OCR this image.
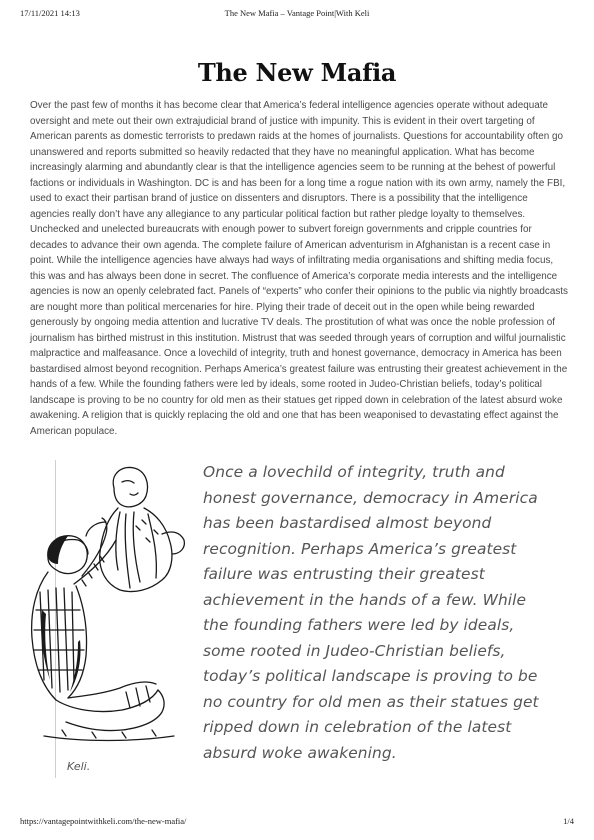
17/11/2021 14:13	The New Mafia – Vantage Point|With Keli
The New Mafia

Over the past few of months it has become clear that America’s federal intelligence agencies operate without adequate oversight and mete out their own extrajudicial brand of justice with impunity. This is evident in their overt targeting of American parents as domestic terrorists to predawn raids at the homes of journalists. Questions for accountability often go unanswered and reports submitted so heavily redacted that they have no meaningful application. What has become increasingly alarming and abundantly clear is that the intelligence agencies seem to be running at the behest of powerful factions or individuals in Washington. DC is and has been for a long time a rogue nation with its own army, namely the FBI, used to exact their partisan brand of justice on dissenters and disruptors. There is a possibility that the intelligence agencies really don’t have any allegiance to any particular political faction but rather pledge loyalty to themselves. Unchecked and unelected bureaucrats with enough power to subvert foreign governments and cripple countries for decades to advance their own agenda. The complete failure of American adventurism in Afghanistan is a recent case in point. While the intelligence agencies have always had ways of infiltrating media organisations and shifting media focus, this was and has always been done in secret. The confluence of America’s corporate media interests and the intelligence agencies is now an openly celebrated fact. Panels of “experts” who confer their opinions to the public via nightly broadcasts are nought more than political mercenaries for hire. Plying their trade of deceit out in the open while being rewarded generously by ongoing media attention and lucrative TV deals. The prostitution of what was once the noble profession of journalism has birthed mistrust in this institution. Mistrust that was seeded through years of corruption and wilful journalistic malpractice and malfeasance. Once a lovechild of integrity, truth and honest governance, democracy in America has been bastardised almost beyond recognition. Perhaps America’s greatest failure was entrusting their greatest achievement in the hands of a few. While the founding fathers were led by ideals, some rooted in Judeo-Christian beliefs, today’s political landscape is proving to be no country for old men as their statues get ripped down in celebration of the latest absurd woke awakening. A religion that is quickly replacing the old and one that has been weaponised to devastating effect against the American populace.

Once a lovechild of integrity, truth and honest governance, democracy in America has been bastardised almost beyond recognition. Perhaps America’s greatest failure was entrusting their greatest achievement in the hands of a few. While the founding fathers were led by ideals, some rooted in Judeo-Christian beliefs, today’s political landscape is proving to be no country for old men as their statues get ripped down in celebration of the latest absurd woke awakening.

Keli.
https://vantagepointwithkeli.com/the-new-mafia/	1/4
